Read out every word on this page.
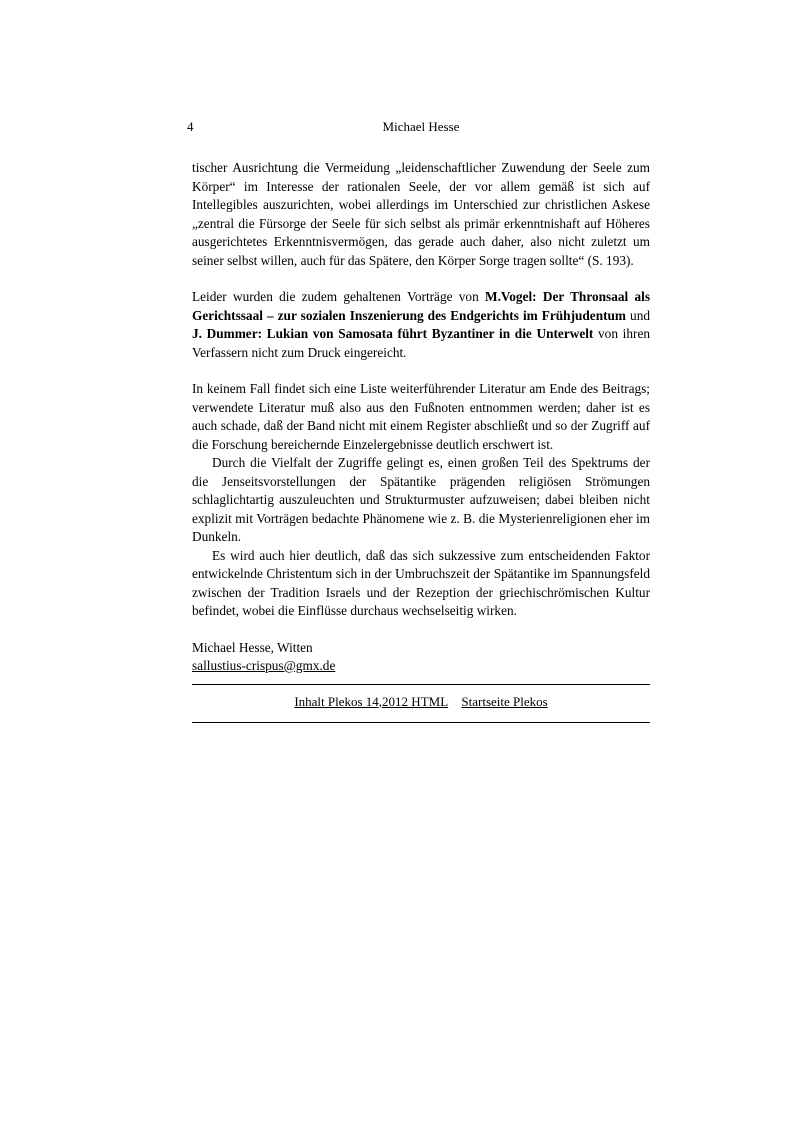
4	Michael Hesse

tischer Ausrichtung die Vermeidung „leidenschaftlicher Zuwendung der Seele zum Körper“ im Interesse der rationalen Seele, der vor allem gemäß ist sich auf Intellegibles auszurichten, wobei allerdings im Unterschied zur christlichen Askese „zentral die Fürsorge der Seele für sich selbst als primär erkenntnishaft auf Höheres ausgerichtetes Erkenntnisvermögen, das gerade auch daher, also nicht zuletzt um seiner selbst willen, auch für das Spätere, den Körper Sorge tragen sollte“ (S. 193).

Leider wurden die zudem gehaltenen Vorträge von M.Vogel: Der Thronsaal als Gerichtssaal – zur sozialen Inszenierung des Endgerichts im Frühjudentum und J. Dummer: Lukian von Samosata führt Byzantiner in die Unterwelt von ihren Verfassern nicht zum Druck eingereicht.

In keinem Fall findet sich eine Liste weiterführender Literatur am Ende des Beitrags; verwendete Literatur muß also aus den Fußnoten entnommen werden; daher ist es auch schade, daß der Band nicht mit einem Register abschließt und so der Zugriff auf die Forschung bereichernde Einzelergebnisse deutlich erschwert ist.

Durch die Vielfalt der Zugriffe gelingt es, einen großen Teil des Spektrums der die Jenseitsvorstellungen der Spätantike prägenden religiösen Strömungen schlaglichtartig auszuleuchten und Strukturmuster aufzuweisen; dabei bleiben nicht explizit mit Vorträgen bedachte Phänomene wie z. B. die Mysterienreligionen eher im Dunkeln.

Es wird auch hier deutlich, daß das sich sukzessive zum entscheidenden Faktor entwickelnde Christentum sich in der Umbruchszeit der Spätantike im Spannungsfeld zwischen der Tradition Israels und der Rezeption der griechischrömischen Kultur befindet, wobei die Einflüsse durchaus wechselseitig wirken.

Michael Hesse, Witten
sallustius-crispus@gmx.de
Inhalt Plekos 14,2012 HTML Startseite Plekos
